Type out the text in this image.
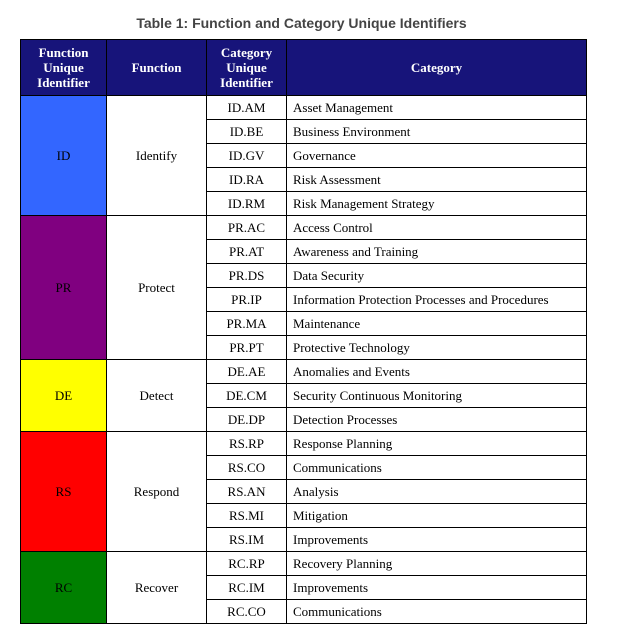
Table 1: Function and Category Unique Identifiers
Function Unique Identifier	Function	Category Unique Identifier	Category
ID	Identify	ID.AM	Asset Management
		ID.BE	Business Environment
		ID.GV	Governance
		ID.RA	Risk Assessment
		ID.RM	Risk Management Strategy
PR	Protect	PR.AC	Access Control
		PR.AT	Awareness and Training
		PR.DS	Data Security
		PR.IP	Information Protection Processes and Procedures
		PR.MA	Maintenance
		PR.PT	Protective Technology
DE	Detect	DE.AE	Anomalies and Events
		DE.CM	Security Continuous Monitoring
		DE.DP	Detection Processes
RS	Respond	RS.RP	Response Planning
		RS.CO	Communications
		RS.AN	Analysis
		RS.MI	Mitigation
		RS.IM	Improvements
RC	Recover	RC.RP	Recovery Planning
		RC.IM	Improvements
		RC.CO	Communications
